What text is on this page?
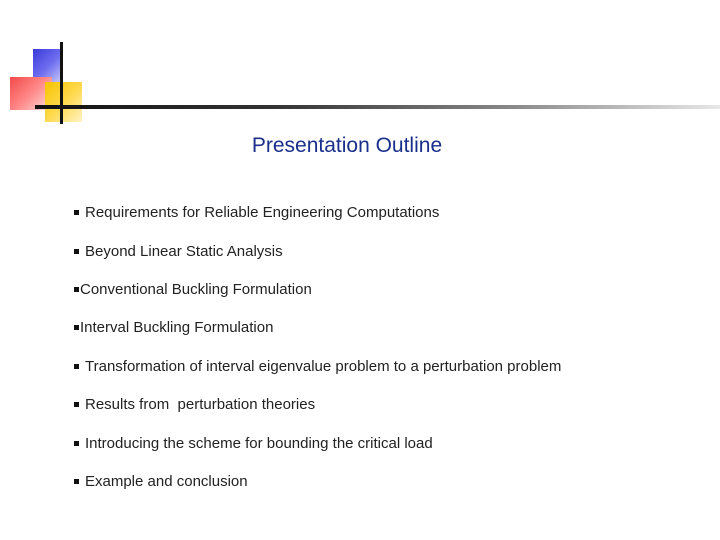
Presentation Outline
Requirements for Reliable Engineering Computations
Beyond Linear Static Analysis
Conventional Buckling Formulation
Interval Buckling Formulation
Transformation of interval eigenvalue problem to a perturbation problem
Results from  perturbation theories
Introducing the scheme for bounding the critical load
Example and conclusion
